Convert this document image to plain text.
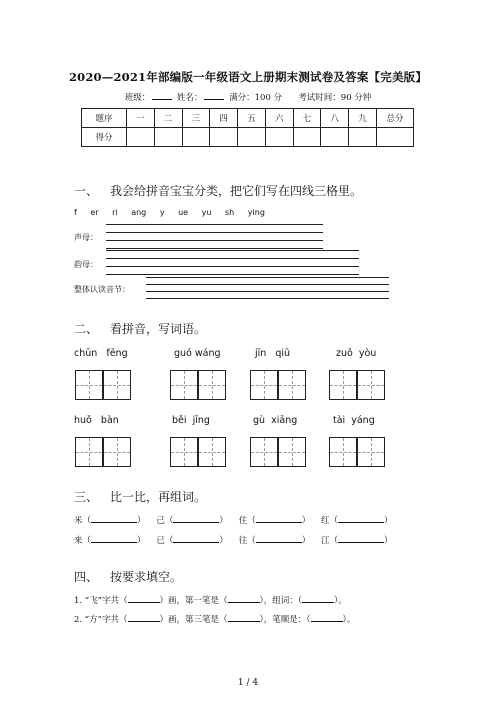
2020—2021年部编版一年级语文上册期末测试卷及答案【完美版】
班级：	姓名：	满分：100 分 考试时间：90 分钟
题序	一	二	三	四	五	六	七	八	九	总分
得分										
一、 我会给拼音宝宝分类，把它们写在四线三格里。
f er ri ang y ue yu sh ying
声母：
韵母：
整体认读音节：
二、 看拼音，写词语。
chūn fēng	guó wáng	jīn qiū	zuǒ yòu
huǒ bàn	běi jīng	gù xiāng	tài yáng
三、 比一比，再组词。
米（	） 己（	） 住（	） 红（	）
来（	） 已（	） 往（	） 江（	）
四、 按要求填空。
1. “飞”字共（	）画，第一笔是（	），组词：（	）。
2. “方”字共（	）画，第三笔是（	），笔顺是：（	）。
1 / 4
